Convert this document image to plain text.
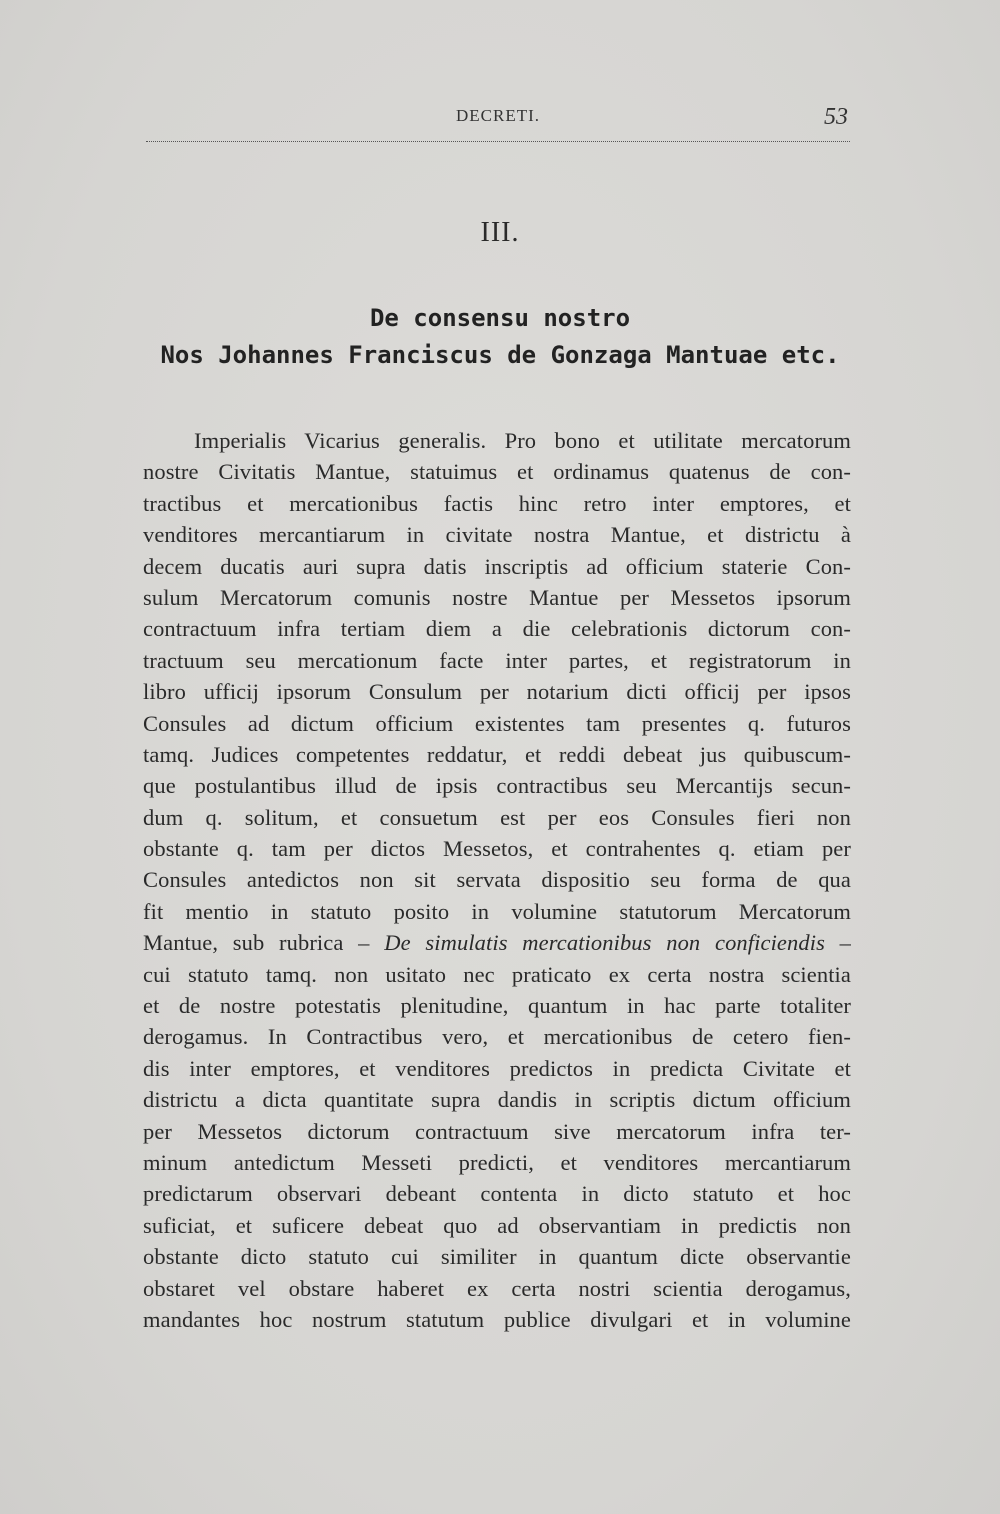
DECRETI.	53
III.
De consensu nostro
Nos Johannes Franciscus de Gonzaga Mantuae etc.
Imperialis Vicarius generalis. Pro bono et utilitate mercatorum
nostre Civitatis Mantue, statuimus et ordinamus quatenus de con-
tractibus et mercationibus factis hinc retro inter emptores, et
venditores mercantiarum in civitate nostra Mantue, et districtu à
decem ducatis auri supra datis inscriptis ad officium staterie Con-
sulum Mercatorum comunis nostre Mantue per Messetos ipsorum
contractuum infra tertiam diem a die celebrationis dictorum con-
tractuum seu mercationum facte inter partes, et registratorum in
libro ufficij ipsorum Consulum per notarium dicti officij per ipsos
Consules ad dictum officium existentes tam presentes q. futuros
tamq. Judices competentes reddatur, et reddi debeat jus quibuscum-
que postulantibus illud de ipsis contractibus seu Mercantijs secun-
dum q. solitum, et consuetum est per eos Consules fieri non
obstante q. tam per dictos Messetos, et contrahentes q. etiam per
Consules antedictos non sit servata dispositio seu forma de qua
fit mentio in statuto posito in volumine statutorum Mercatorum
Mantue, sub rubrica – De simulatis mercationibus non conficiendis –
cui statuto tamq. non usitato nec praticato ex certa nostra scientia
et de nostre potestatis plenitudine, quantum in hac parte totaliter
derogamus. In Contractibus vero, et mercationibus de cetero fien-
dis inter emptores, et venditores predictos in predicta Civitate et
districtu a dicta quantitate supra dandis in scriptis dictum officium
per Messetos dictorum contractuum sive mercatorum infra ter-
minum antedictum Messeti predicti, et venditores mercantiarum
predictarum observari debeant contenta in dicto statuto et hoc
suficiat, et suficere debeat quo ad observantiam in predictis non
obstante dicto statuto cui similiter in quantum dicte observantie
obstaret vel obstare haberet ex certa nostri scientia derogamus,
mandantes hoc nostrum statutum publice divulgari et in volumine
